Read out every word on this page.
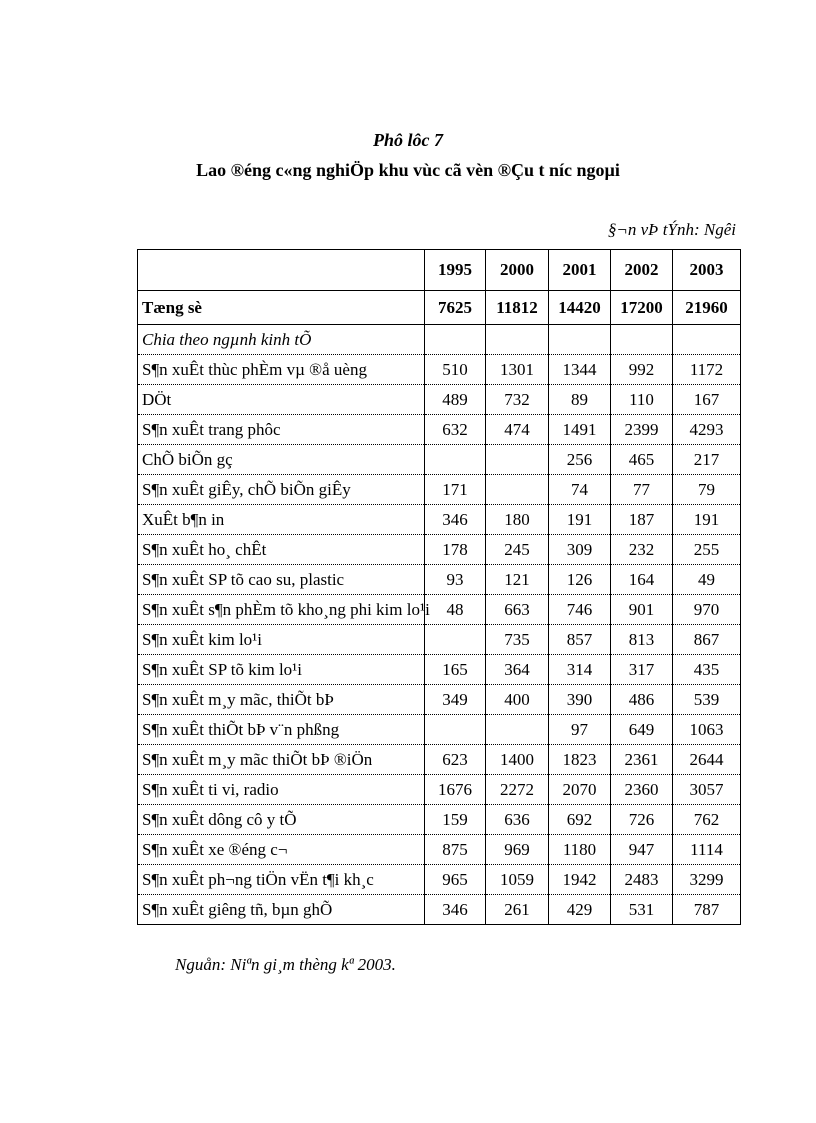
Phô lôc 7
Lao ®éng c«ng nghiÖp khu vùc cã vèn ®Çu t níc ngoµi
§¬n vÞ tÝnh: Ngêi
	1995	2000	2001	2002	2003
Tæng sè	7625	11812	14420	17200	21960
Chia theo ngµnh kinh tÕ					
S¶n xuÊt thùc phÈm vµ ®å uèng	510	1301	1344	992	1172
DÖt	489	732	89	110	167
S¶n xuÊt trang phôc	632	474	1491	2399	4293
ChÕ biÕn gç			256	465	217
S¶n xuÊt giÊy, chÕ biÕn giÊy	171		74	77	79
XuÊt b¶n in	346	180	191	187	191
S¶n xuÊt ho¸ chÊt	178	245	309	232	255
S¶n xuÊt SP tõ cao su, plastic	93	121	126	164	49
S¶n xuÊt s¶n phÈm tõ kho¸ng phi kim lo¹i	48	663	746	901	970
S¶n xuÊt kim lo¹i		735	857	813	867
S¶n xuÊt SP tõ kim lo¹i	165	364	314	317	435
S¶n xuÊt m¸y mãc, thiÕt bÞ	349	400	390	486	539
S¶n xuÊt thiÕt bÞ v¨n phßng			97	649	1063
S¶n xuÊt m¸y mãc thiÕt bÞ ®iÖn	623	1400	1823	2361	2644
S¶n xuÊt ti vi, radio	1676	2272	2070	2360	3057
S¶n xuÊt dông cô y tÕ	159	636	692	726	762
S¶n xuÊt xe ®éng c¬	875	969	1180	947	1114
S¶n xuÊt ph¬ng tiÖn vËn t¶i kh¸c	965	1059	1942	2483	3299
S¶n xuÊt giêng tñ, bµn ghÕ	346	261	429	531	787
Nguån: Niªn gi¸m thèng kª 2003.
